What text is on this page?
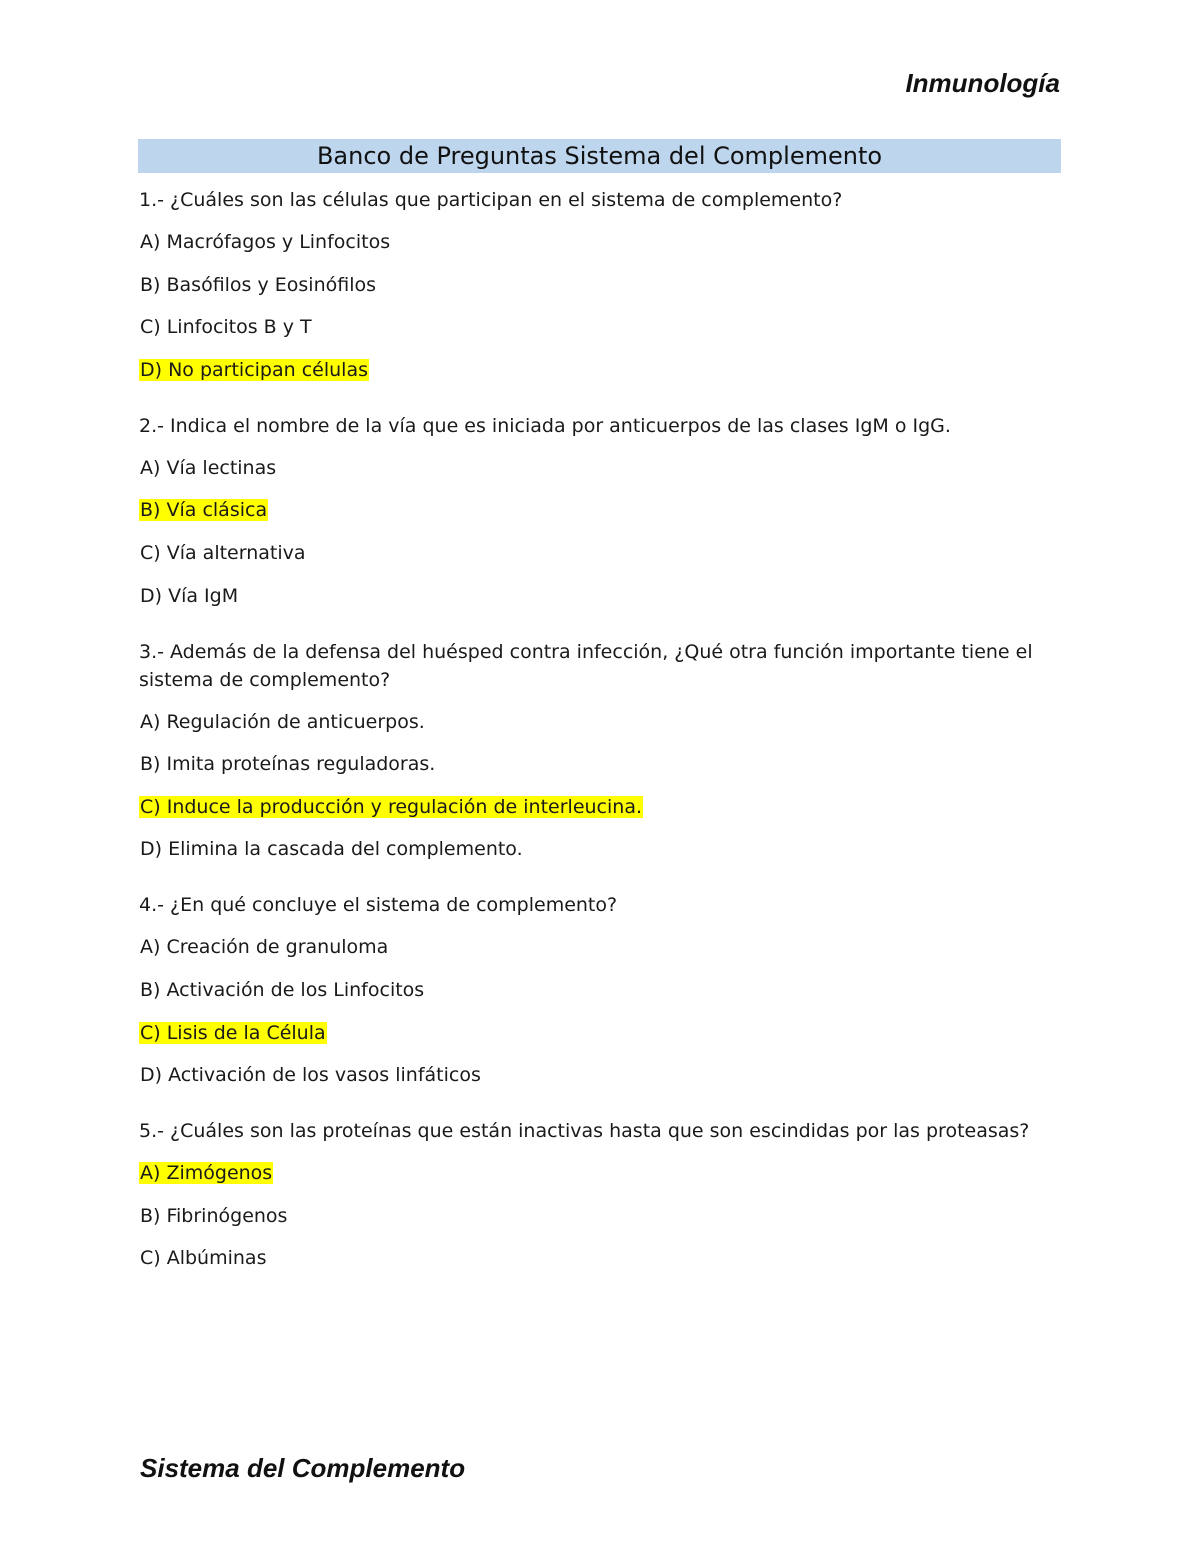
Inmunología
Banco de Preguntas Sistema del Complemento
1.- ¿Cuáles son las células que participan en el sistema de complemento?
A) Macrófagos y Linfocitos
B) Basófilos y Eosinófilos
C) Linfocitos B y T
D) No participan células
2.- Indica el nombre de la vía que es iniciada por anticuerpos de las clases IgM o IgG.
A) Vía lectinas
B) Vía clásica
C) Vía alternativa
D) Vía IgM
3.- Además de la defensa del huésped contra infección, ¿Qué otra función importante tiene el sistema de complemento?
A) Regulación de anticuerpos.
B) Imita proteínas reguladoras.
C) Induce la producción y regulación de interleucina.
D) Elimina la cascada del complemento.
4.- ¿En qué concluye el sistema de complemento?
A) Creación de granuloma
B) Activación de los Linfocitos
C) Lisis de la Célula
D) Activación de los vasos linfáticos
5.- ¿Cuáles son las proteínas que están inactivas hasta que son escindidas por las proteasas?
A) Zimógenos
B) Fibrinógenos
C) Albúminas
Sistema del Complemento
